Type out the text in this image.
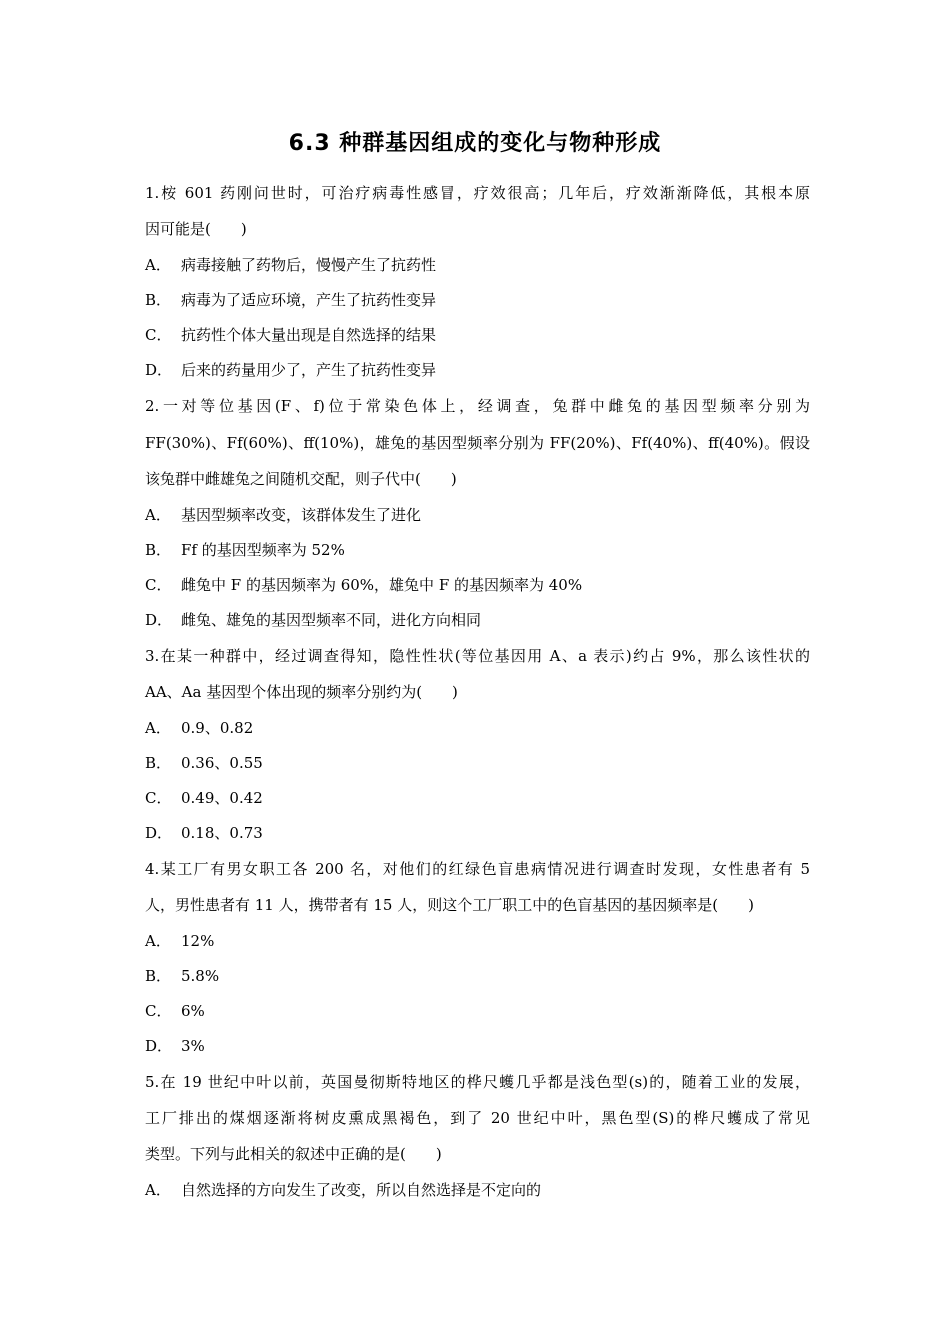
6.3 种群基因组成的变化与物种形成
1.桉 601 药刚问世时，可治疗病毒性感冒，疗效很高；几年后，疗效渐渐降低，其根本原
因可能是(　　)
A． 病毒接触了药物后，慢慢产生了抗药性
B． 病毒为了适应环境，产生了抗药性变异
C． 抗药性个体大量出现是自然选择的结果
D． 后来的药量用少了，产生了抗药性变异
2.一对等位基因(F、f)位于常染色体上，经调查，兔群中雌兔的基因型频率分别为
FF(30%)、Ff(60%)、ff(10%)，雄兔的基因型频率分别为 FF(20%)、Ff(40%)、ff(40%)。假设
该兔群中雌雄兔之间随机交配，则子代中(　　)
A． 基因型频率改变，该群体发生了进化
B． Ff 的基因型频率为 52%
C． 雌兔中 F 的基因频率为 60%，雄兔中 F 的基因频率为 40%
D． 雌兔、雄兔的基因型频率不同，进化方向相同
3.在某一种群中，经过调查得知，隐性性状(等位基因用 A、a 表示)约占 9%，那么该性状的
AA、Aa 基因型个体出现的频率分别约为(　　)
A． 0.9、0.82
B． 0.36、0.55
C． 0.49、0.42
D． 0.18、0.73
4.某工厂有男女职工各 200 名，对他们的红绿色盲患病情况进行调查时发现，女性患者有 5
人，男性患者有 11 人，携带者有 15 人，则这个工厂职工中的色盲基因的基因频率是(　　)
A． 12%
B． 5.8%
C． 6%
D． 3%
5.在 19 世纪中叶以前，英国曼彻斯特地区的桦尺蠖几乎都是浅色型(s)的，随着工业的发展，
工厂排出的煤烟逐渐将树皮熏成黑褐色，到了 20 世纪中叶，黑色型(S)的桦尺蠖成了常见
类型。下列与此相关的叙述中正确的是(　　)
A． 自然选择的方向发生了改变，所以自然选择是不定向的
